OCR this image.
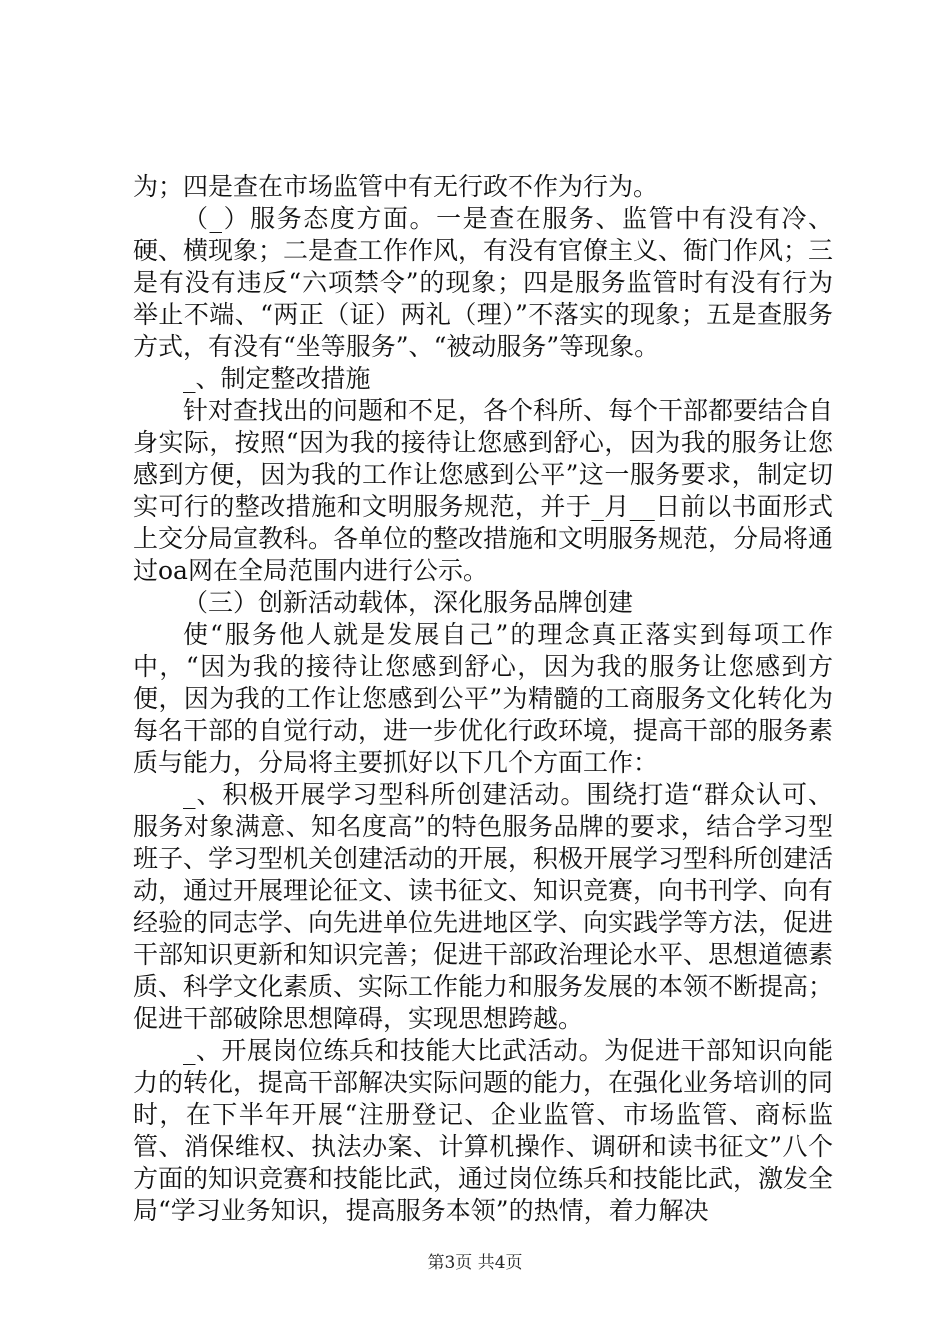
为；四是查在市场监管中有无行政不作为行为。

（_）服务态度方面。一是查在服务、监管中有没有冷、硬、横现象；二是查工作作风，有没有官僚主义、衙门作风；三是有没有违反“六项禁令”的现象；四是服务监管时有没有行为举止不端、“两正（证）两礼（理）”不落实的现象；五是查服务方式，有没有“坐等服务”、“被动服务”等现象。

_、制定整改措施

针对查找出的问题和不足，各个科所、每个干部都要结合自身实际，按照“因为我的接待让您感到舒心，因为我的服务让您感到方便，因为我的工作让您感到公平”这一服务要求，制定切实可行的整改措施和文明服务规范，并于_月__日前以书面形式上交分局宣教科。各单位的整改措施和文明服务规范，分局将通过oa网在全局范围内进行公示。

（三）创新活动载体，深化服务品牌创建

使“服务他人就是发展自己”的理念真正落实到每项工作中，“因为我的接待让您感到舒心，因为我的服务让您感到方便，因为我的工作让您感到公平”为精髓的工商服务文化转化为每名干部的自觉行动，进一步优化行政环境，提高干部的服务素质与能力，分局将主要抓好以下几个方面工作：

_、积极开展学习型科所创建活动。围绕打造“群众认可、服务对象满意、知名度高”的特色服务品牌的要求，结合学习型班子、学习型机关创建活动的开展，积极开展学习型科所创建活动，通过开展理论征文、读书征文、知识竞赛，向书刊学、向有经验的同志学、向先进单位先进地区学、向实践学等方法，促进干部知识更新和知识完善；促进干部政治理论水平、思想道德素质、科学文化素质、实际工作能力和服务发展的本领不断提高；促进干部破除思想障碍，实现思想跨越。

_、开展岗位练兵和技能大比武活动。为促进干部知识向能力的转化，提高干部解决实际问题的能力，在强化业务培训的同时，在下半年开展“注册登记、企业监管、市场监管、商标监管、消保维权、执法办案、计算机操作、调研和读书征文”八个方面的知识竞赛和技能比武，通过岗位练兵和技能比武，激发全局“学习业务知识，提高服务本领”的热情，着力解决

第3页 共4页
